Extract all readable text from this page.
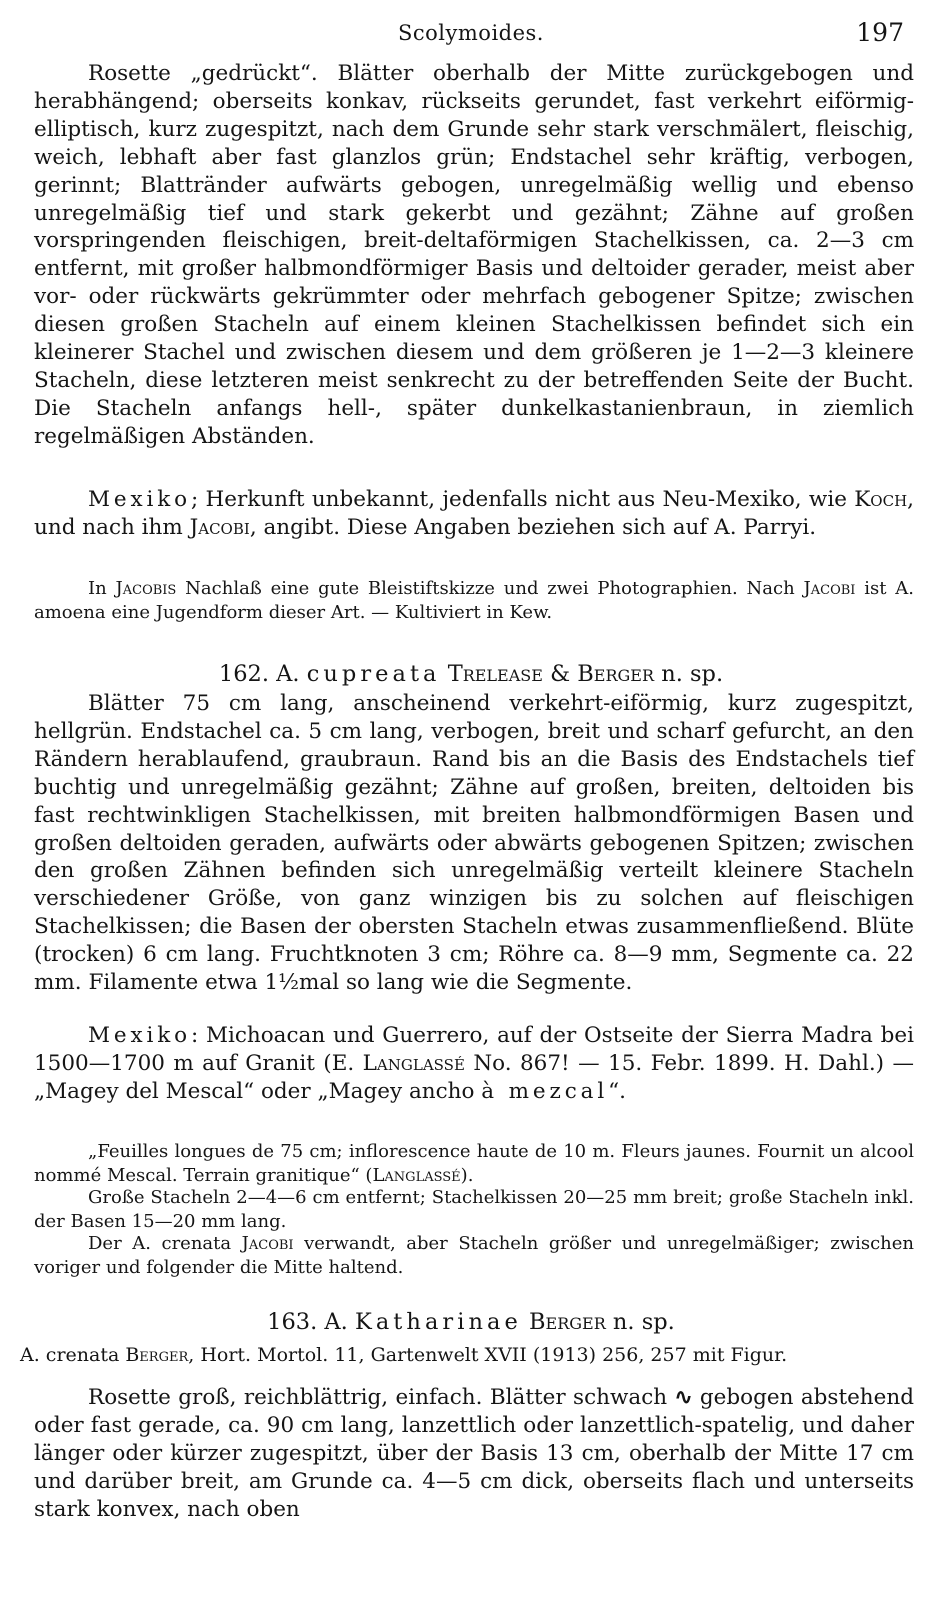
Scolymoides.	197

Rosette „gedrückt“. Blätter oberhalb der Mitte zurückgebogen und herabhängend; oberseits konkav, rückseits gerundet, fast verkehrt eiförmig-elliptisch, kurz zugespitzt, nach dem Grunde sehr stark verschmälert, fleischig, weich, lebhaft aber fast glanzlos grün; Endstachel sehr kräftig, verbogen, gerinnt; Blattränder aufwärts gebogen, unregelmäßig wellig und ebenso unregelmäßig tief und stark gekerbt und gezähnt; Zähne auf großen vorspringenden fleischigen, breit-deltaförmigen Stachelkissen, ca. 2—3 cm entfernt, mit großer halbmondförmiger Basis und deltoider gerader, meist aber vor- oder rückwärts gekrümmter oder mehrfach gebogener Spitze; zwischen diesen großen Stacheln auf einem kleinen Stachelkissen befindet sich ein kleinerer Stachel und zwischen diesem und dem größeren je 1—2—3 kleinere Stacheln, diese letzteren meist senkrecht zu der betreffenden Seite der Bucht. Die Stacheln anfangs hell-, später dunkelkastanienbraun, in ziemlich regelmäßigen Abständen.

Mexiko; Herkunft unbekannt, jedenfalls nicht aus Neu-Mexiko, wie Koch, und nach ihm Jacobi, angibt. Diese Angaben beziehen sich auf A. Parryi.

In Jacobis Nachlaß eine gute Bleistiftskizze und zwei Photographien. Nach Jacobi ist A. amoena eine Jugendform dieser Art. — Kultiviert in Kew.

162. A. cupreata Trelease & Berger n. sp.

Blätter 75 cm lang, anscheinend verkehrt-eiförmig, kurz zugespitzt, hellgrün. Endstachel ca. 5 cm lang, verbogen, breit und scharf gefurcht, an den Rändern herablaufend, graubraun. Rand bis an die Basis des Endstachels tief buchtig und unregelmäßig gezähnt; Zähne auf großen, breiten, deltoiden bis fast rechtwinkligen Stachelkissen, mit breiten halbmondförmigen Basen und großen deltoiden geraden, aufwärts oder abwärts gebogenen Spitzen; zwischen den großen Zähnen befinden sich unregelmäßig verteilt kleinere Stacheln verschiedener Größe, von ganz winzigen bis zu solchen auf fleischigen Stachelkissen; die Basen der obersten Stacheln etwas zusammenfließend. Blüte (trocken) 6 cm lang. Fruchtknoten 3 cm; Röhre ca. 8—9 mm, Segmente ca. 22 mm. Filamente etwa 1½mal so lang wie die Segmente.

Mexiko: Michoacan und Guerrero, auf der Ostseite der Sierra Madra bei 1500—1700 m auf Granit (E. Langlassé No. 867! — 15. Febr. 1899. H. Dahl.) — „Magey del Mescal“ oder „Magey ancho à mezcal“.

„Feuilles longues de 75 cm; inflorescence haute de 10 m. Fleurs jaunes. Fournit un alcool nommé Mescal. Terrain granitique“ (Langlassé).

Große Stacheln 2—4—6 cm entfernt; Stachelkissen 20—25 mm breit; große Stacheln inkl. der Basen 15—20 mm lang.

Der A. crenata Jacobi verwandt, aber Stacheln größer und unregelmäßiger; zwischen voriger und folgender die Mitte haltend.

163. A. Katharinae Berger n. sp.

A. crenata Berger, Hort. Mortol. 11, Gartenwelt XVII (1913) 256, 257 mit Figur.

Rosette groß, reichblättrig, einfach. Blätter schwach ∿ gebogen abstehend oder fast gerade, ca. 90 cm lang, lanzettlich oder lanzettlich-spatelig, und daher länger oder kürzer zugespitzt, über der Basis 13 cm, oberhalb der Mitte 17 cm und darüber breit, am Grunde ca. 4—5 cm dick, oberseits flach und unterseits stark konvex, nach oben
